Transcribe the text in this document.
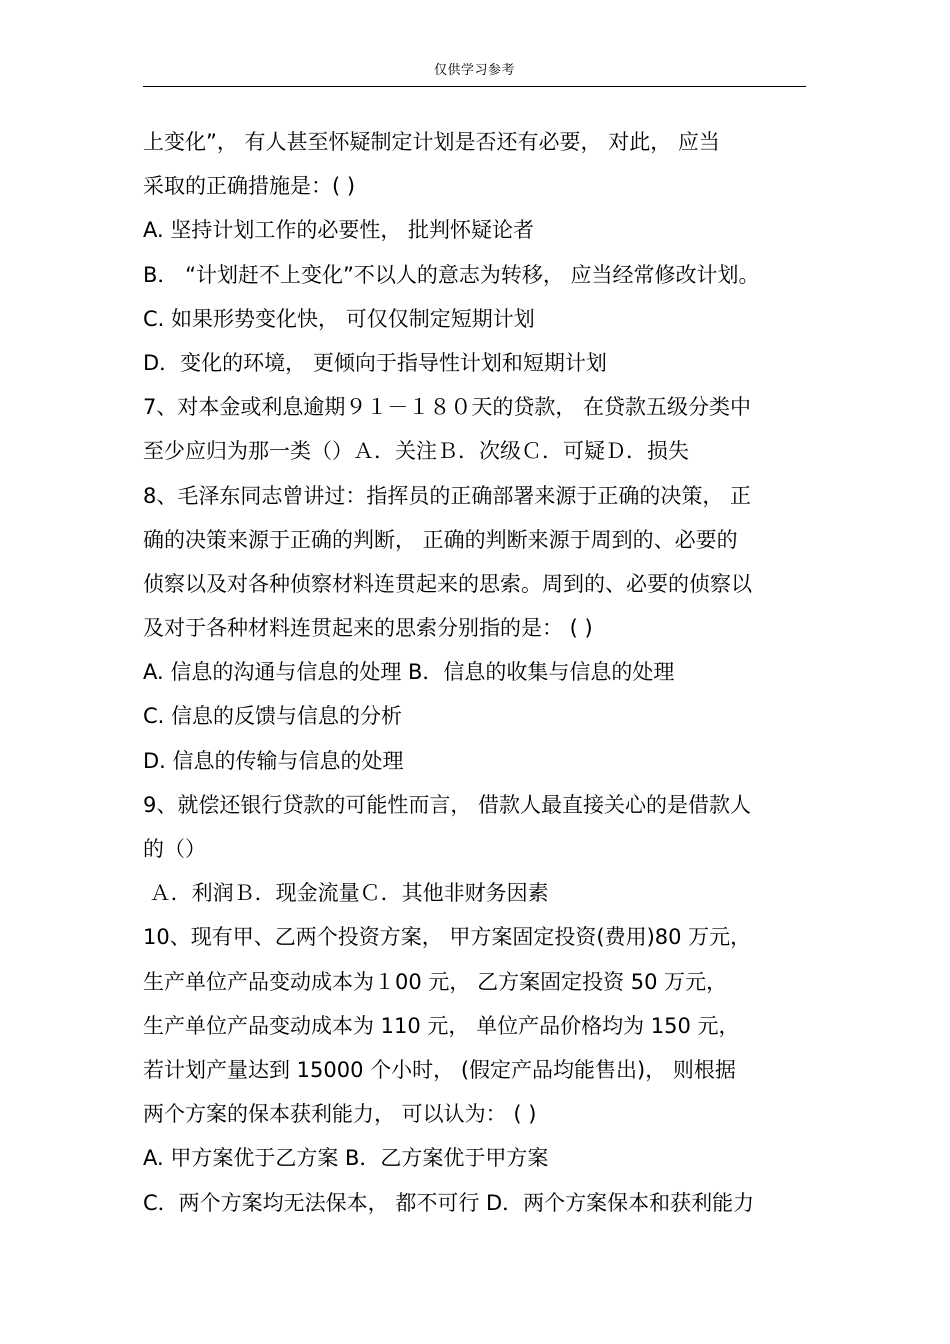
仅供学习参考
上变化”， 有人甚至怀疑制定计划是否还有必要， 对此， 应当
采取的正确措施是：( )
A. 坚持计划工作的必要性， 批判怀疑论者
B． “计划赶不上变化”不以人的意志为转移， 应当经常修改计划。
C. 如果形势变化快， 可仅仅制定短期计划
D．变化的环境， 更倾向于指导性计划和短期计划
7、对本金或利息逾期９１－１８０天的贷款， 在贷款五级分类中
至少应归为那一类（）Ａ．关注Ｂ．次级Ｃ．可疑Ｄ．损失
8、毛泽东同志曾讲过：指挥员的正确部署来源于正确的决策， 正
确的决策来源于正确的判断， 正确的判断来源于周到的、必要的
侦察以及对各种侦察材料连贯起来的思索。周到的、必要的侦察以
及对于各种材料连贯起来的思索分别指的是： ( )
A. 信息的沟通与信息的处理 B．信息的收集与信息的处理
C. 信息的反馈与信息的分析
D. 信息的传输与信息的处理
9、就偿还银行贷款的可能性而言， 借款人最直接关心的是借款人
的（）
Ａ．利润Ｂ．现金流量Ｃ．其他非财务因素
10、现有甲、乙两个投资方案， 甲方案固定投资(费用)80 万元，
生产单位产品变动成本为１00 元， 乙方案固定投资 50 万元，
生产单位产品变动成本为 110 元， 单位产品价格均为 150 元，
若计划产量达到 15000 个小时， (假定产品均能售出)， 则根据
两个方案的保本获利能力， 可以认为： ( )
A. 甲方案优于乙方案 B．乙方案优于甲方案
C．两个方案均无法保本， 都不可行 D．两个方案保本和获利能力
